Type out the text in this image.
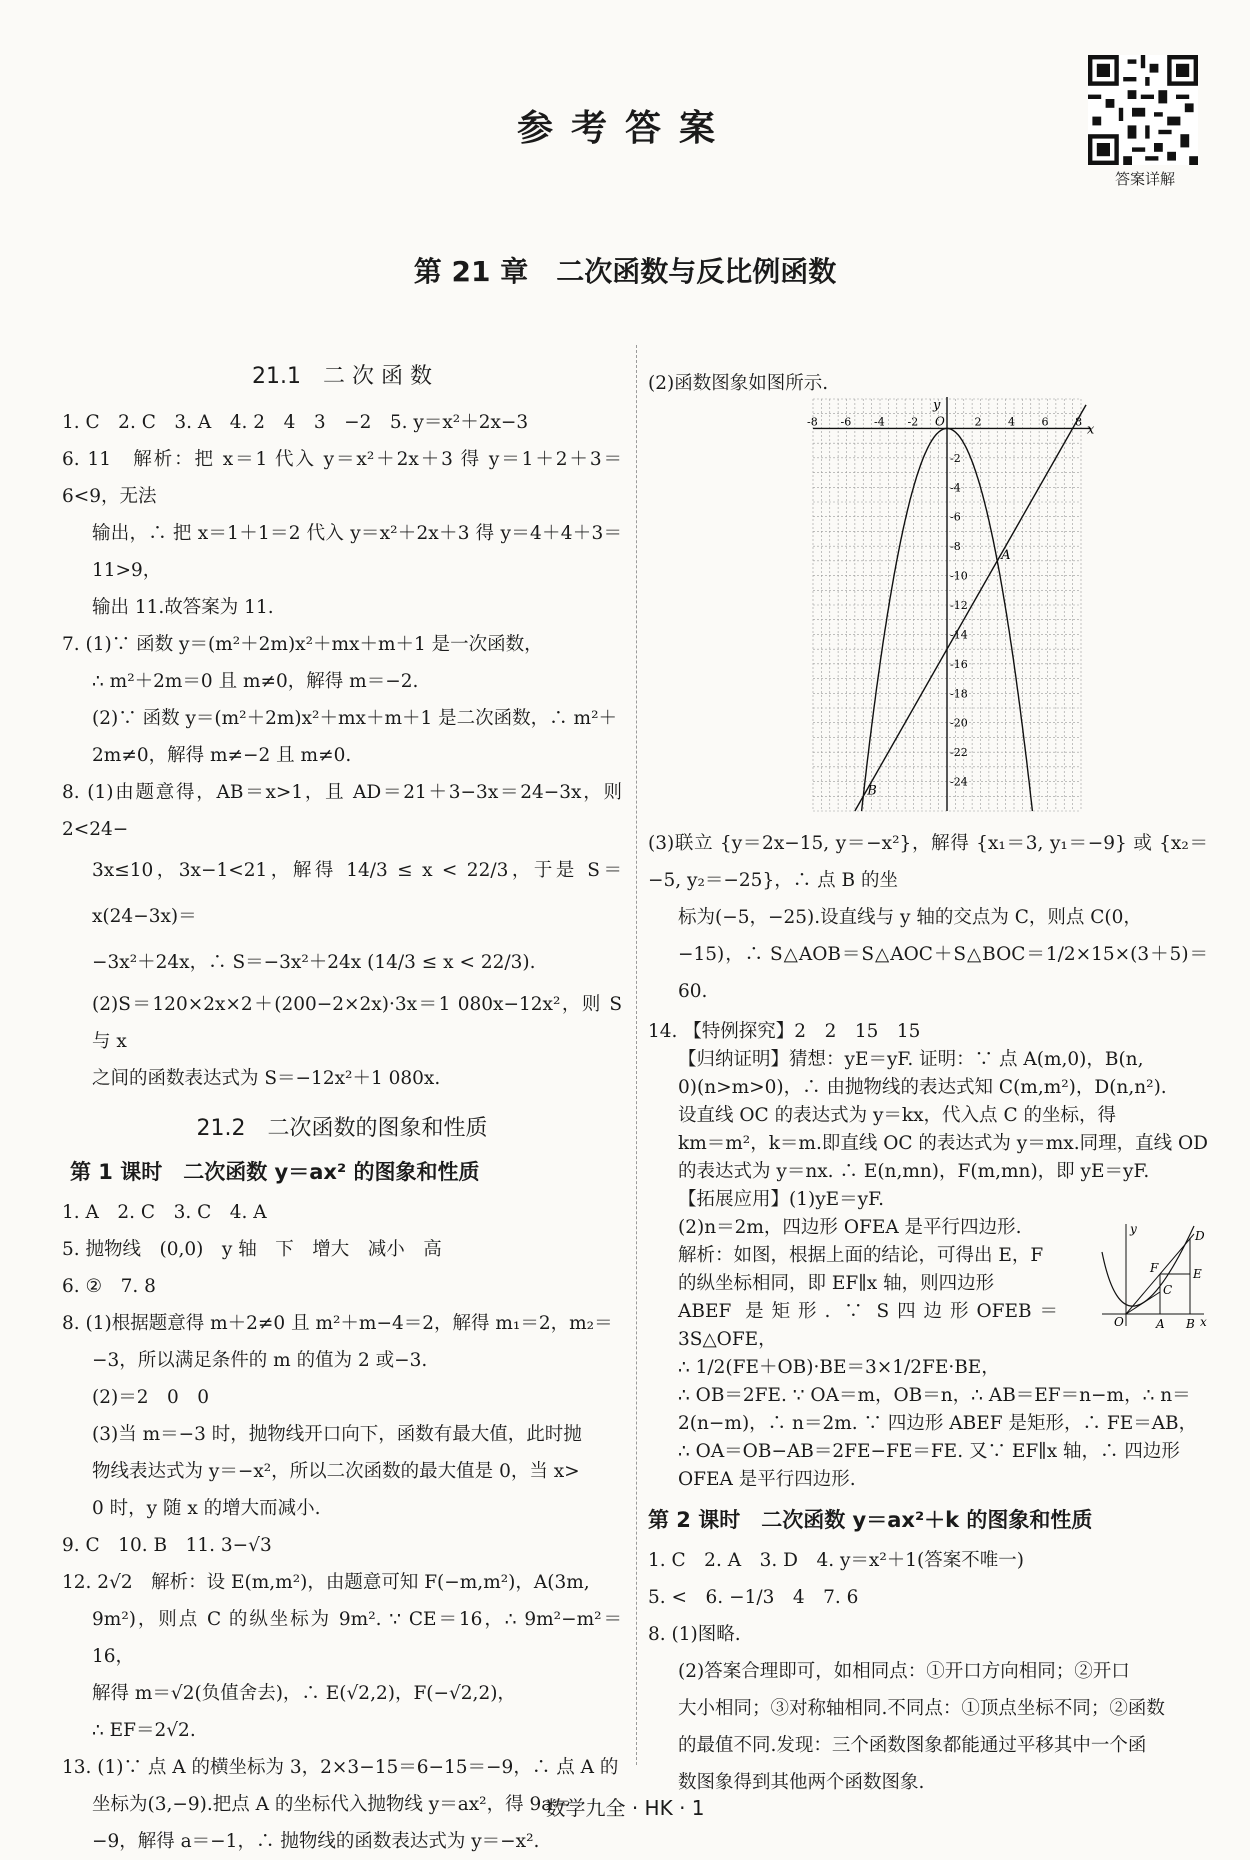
参考答案
答案详解
第 21 章　二次函数与反比例函数
21.1　二 次 函 数

1. C　2. C　3. A　4. 2　4　3　−2　5. y＝x²＋2x−3

6. 11　解析：把 x＝1 代入 y＝x²＋2x＋3 得 y＝1＋2＋3＝6<9，无法

输出，∴ 把 x＝1＋1＝2 代入 y＝x²＋2x＋3 得 y＝4＋4＋3＝11>9，

输出 11.故答案为 11.

7. (1)∵ 函数 y＝(m²＋2m)x²＋mx＋m＋1 是一次函数，

∴ m²＋2m＝0 且 m≠0，解得 m＝−2.

(2)∵ 函数 y＝(m²＋2m)x²＋mx＋m＋1 是二次函数，∴ m²＋

2m≠0，解得 m≠−2 且 m≠0.

8. (1)由题意得，AB＝x>1，且 AD＝21＋3−3x＝24−3x，则 2<24−

3x≤10，3x−1<21，解得 14/3 ≤ x < 22/3，于是 S＝x(24−3x)＝

−3x²＋24x，∴ S＝−3x²＋24x (14/3 ≤ x < 22/3).

(2)S＝120×2x×2＋(200−2×2x)·3x＝1 080x−12x²，则 S 与 x

之间的函数表达式为 S＝−12x²＋1 080x.

21.2　二次函数的图象和性质
第 1 课时　二次函数 y＝ax² 的图象和性质

1. A　2. C　3. C　4. A

5. 抛物线　(0,0)　y 轴　下　增大　减小　高

6. ②　7. 8

8. (1)根据题意得 m＋2≠0 且 m²＋m−4＝2，解得 m₁＝2，m₂＝

−3，所以满足条件的 m 的值为 2 或−3.

(2)＝2　0　0

(3)当 m＝−3 时，抛物线开口向下，函数有最大值，此时抛

物线表达式为 y＝−x²，所以二次函数的最大值是 0，当 x>

0 时，y 随 x 的增大而减小.

9. C　10. B　11. 3−√3

12. 2√2　解析：设 E(m,m²)，由题意可知 F(−m,m²)，A(3m,

9m²)，则点 C 的纵坐标为 9m². ∵ CE＝16，∴ 9m²−m²＝16，

解得 m＝√2(负值舍去)，∴ E(√2,2)，F(−√2,2)，

∴ EF＝2√2.

13. (1)∵ 点 A 的横坐标为 3，2×3−15＝6−15＝−9，∴ 点 A 的

坐标为(3,−9).把点 A 的坐标代入抛物线 y＝ax²，得 9a＝

−9，解得 a＝−1，∴ 抛物线的函数表达式为 y＝−x².

(2)函数图象如图所示.

x
y
O
-8 -6 -4 -2	2 4 6 8
-2
-4
-6
-8
-10
-12
-14
-16
-18
-20
-22
-24
A
B

(3)联立 {y＝2x−15, y＝−x²}，解得 {x₁＝3, y₁＝−9} 或 {x₂＝−5, y₂＝−25}，∴ 点 B 的坐

标为(−5，−25).设直线与 y 轴的交点为 C，则点 C(0，

−15)，∴ S△AOB＝S△AOC＋S△BOC＝1/2×15×(3＋5)＝60.

14. 【特例探究】2　2　15　15

【归纳证明】猜想：yE＝yF. 证明：∵ 点 A(m,0)，B(n,

0)(n>m>0)，∴ 由抛物线的表达式知 C(m,m²)，D(n,n²).

设直线 OC 的表达式为 y＝kx，代入点 C 的坐标，得

km＝m²，k＝m.即直线 OC 的表达式为 y＝mx.同理，直线 OD

的表达式为 y＝nx. ∴ E(n,mn)，F(m,mn)，即 yE＝yF.

【拓展应用】(1)yE＝yF.

(2)n＝2m，四边形 OFEA 是平行四边形.

解析：如图，根据上面的结论，可得出 E，F

的纵坐标相同，即 EF∥x 轴，则四边形

ABEF 是矩形. ∵ S四边形OFEB＝3S△OFE，

∴ 1/2(FE＋OB)·BE＝3×1/2FE·BE，

∴ OB＝2FE. ∵ OA＝m，OB＝n，∴ AB＝EF＝n−m，∴ n＝

2(n−m)，∴ n＝2m. ∵ 四边形 ABEF 是矩形，∴ FE＝AB，

∴ OA＝OB−AB＝2FE−FE＝FE. 又∵ EF∥x 轴，∴ 四边形

OFEA 是平行四边形.

第 2 课时　二次函数 y＝ax²＋k 的图象和性质

1. C　2. A　3. D　4. y＝x²＋1(答案不唯一)

5. <　6. −1/3　4　7. 6

8. (1)图略.

(2)答案合理即可，如相同点：①开口方向相同；②开口

大小相同；③对称轴相同.不同点：①顶点坐标不同；②函数

的最值不同.发现：三个函数图象都能通过平移其中一个函

数图象得到其他两个函数图象.

y	D
F	E
C
O	A B x
数学九全 · HK · 1
